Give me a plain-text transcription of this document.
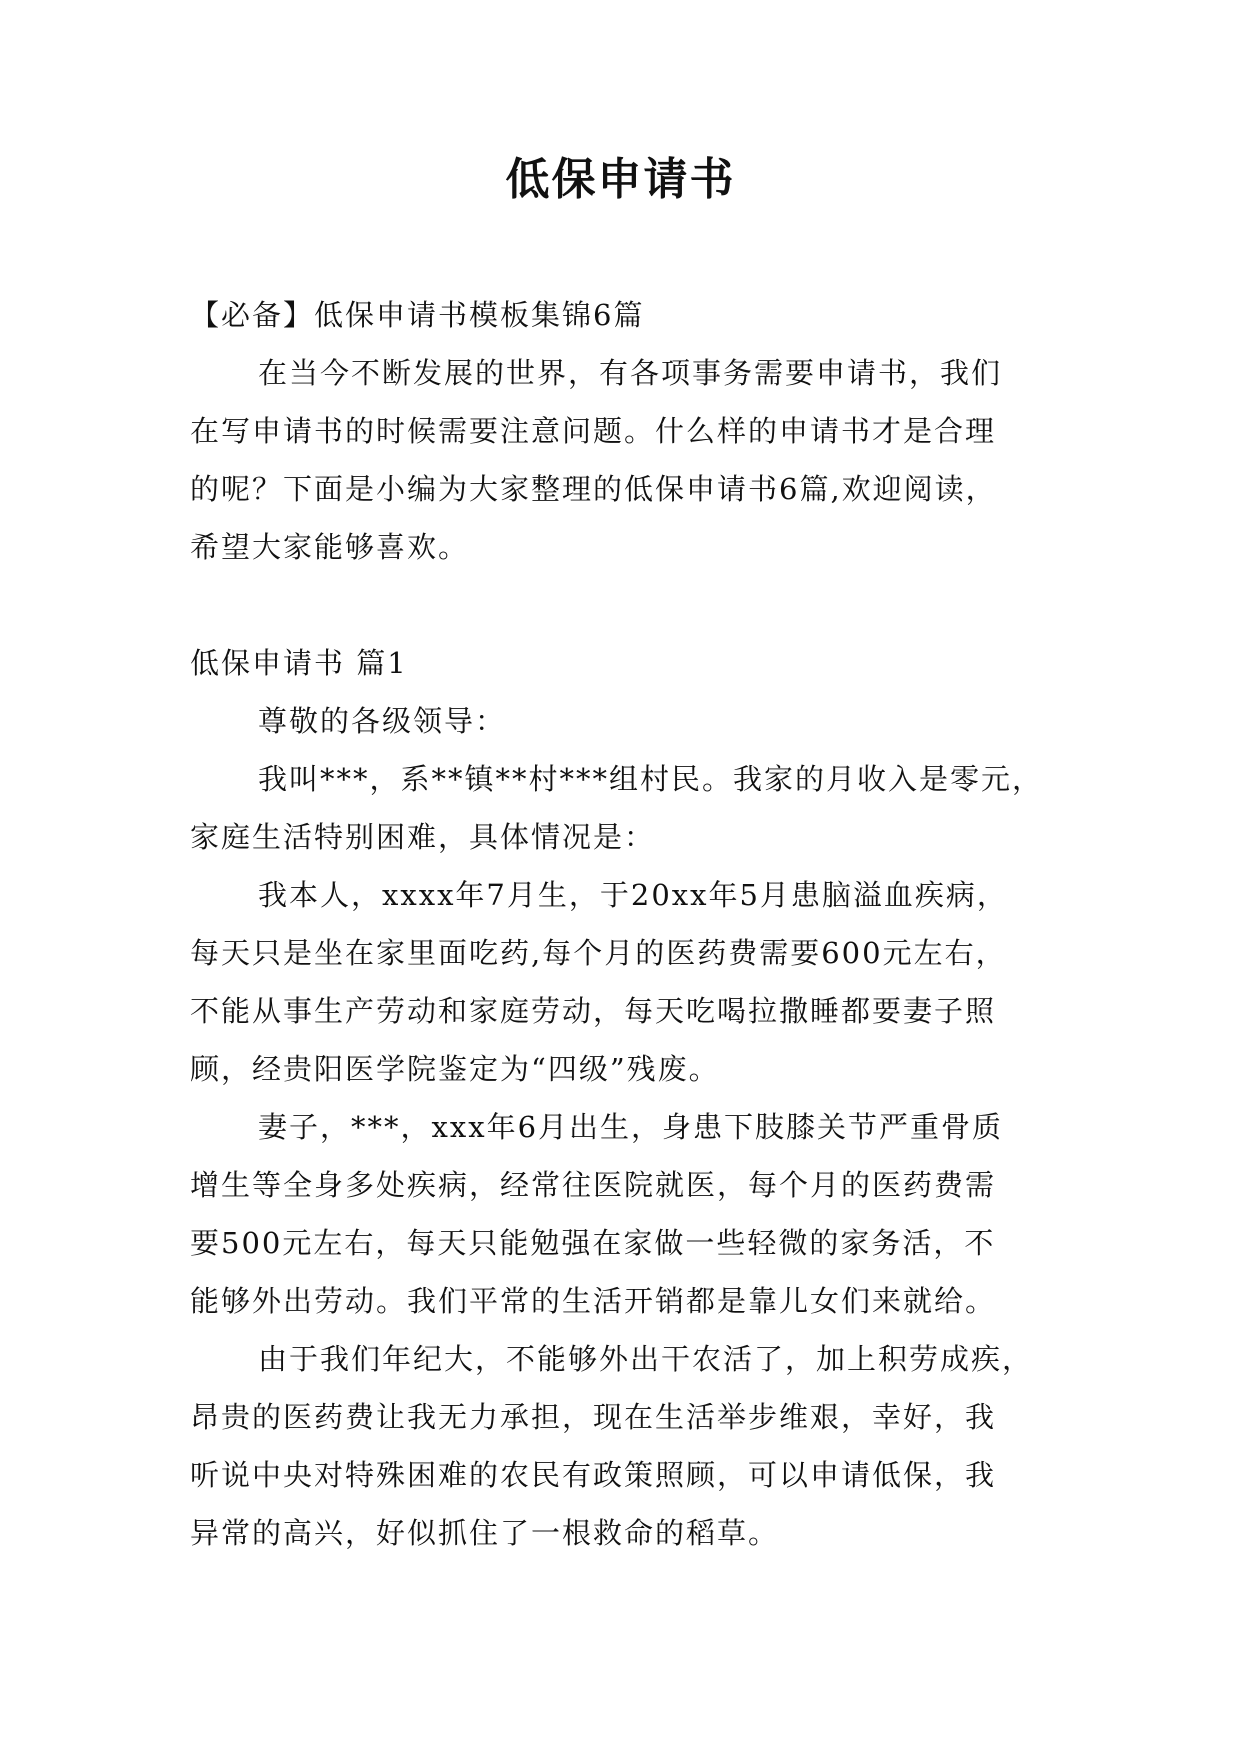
低保申请书

【必备】低保申请书模板集锦6篇

在当今不断发展的世界，有各项事务需要申请书，我们

在写申请书的时候需要注意问题。什么样的申请书才是合理

的呢？下面是小编为大家整理的低保申请书6篇,欢迎阅读，

希望大家能够喜欢。

低保申请书 篇1

尊敬的各级领导：

我叫***，系**镇**村***组村民。我家的月收入是零元，

家庭生活特别困难，具体情况是：

我本人，xxxx年7月生，于20xx年5月患脑溢血疾病，

每天只是坐在家里面吃药,每个月的医药费需要600元左右，

不能从事生产劳动和家庭劳动，每天吃喝拉撒睡都要妻子照

顾，经贵阳医学院鉴定为“四级”残废。

妻子，***，xxx年6月出生，身患下肢膝关节严重骨质

增生等全身多处疾病，经常往医院就医，每个月的医药费需

要500元左右，每天只能勉强在家做一些轻微的家务活，不

能够外出劳动。我们平常的生活开销都是靠儿女们来就给。

由于我们年纪大，不能够外出干农活了，加上积劳成疾，

昂贵的医药费让我无力承担，现在生活举步维艰，幸好，我

听说中央对特殊困难的农民有政策照顾，可以申请低保，我

异常的高兴，好似抓住了一根救命的稻草。
